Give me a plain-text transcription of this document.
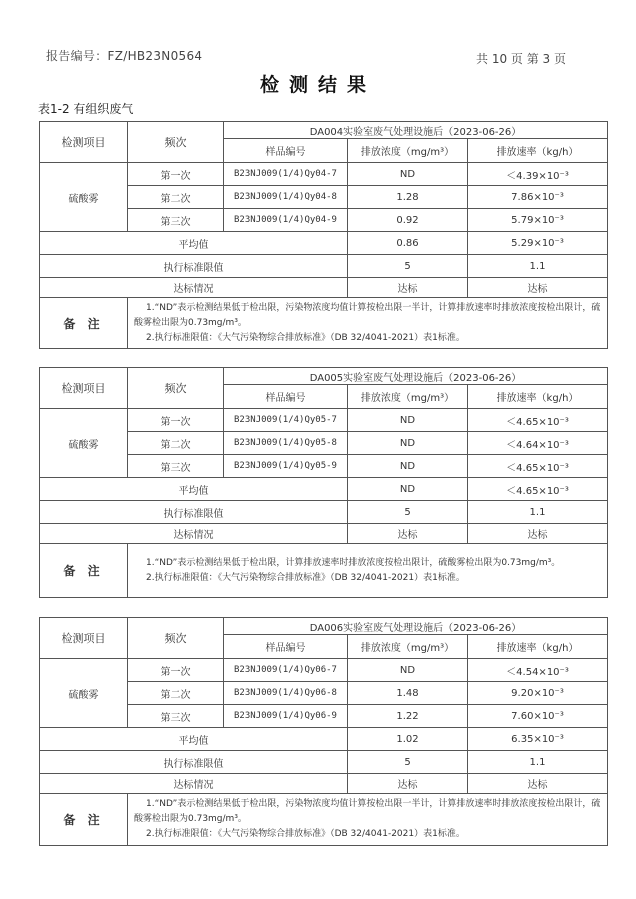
报告编号：FZ/HB23N0564	共 10 页 第 3 页
检测结果
表1-2 有组织废气
检测项目	频次	DA004实验室废气处理设施后（2023-06-26）		
		样品编号	排放浓度（mg/m³）	排放速率（kg/h）
硫酸雾	第一次	B23NJ009(1/4)Qy04-7	ND	＜4.39×10⁻³
	第二次	B23NJ009(1/4)Qy04-8	1.28	7.86×10⁻³
	第三次	B23NJ009(1/4)Qy04-9	0.92	5.79×10⁻³
平均值			0.86	5.29×10⁻³
执行标准限值			5	1.1
达标情况			达标	达标
备 注	1.“ND”表示检测结果低于检出限，污染物浓度均值计算按检出限一半计，计算排放速率时排放浓度按检出限计，硫酸雾检出限为0.73mg/m³。

2.执行标准限值：《大气污染物综合排放标准》（DB 32/4041-2021）表1标准。			

检测项目	频次	DA005实验室废气处理设施后（2023-06-26）		
		样品编号	排放浓度（mg/m³）	排放速率（kg/h）
硫酸雾	第一次	B23NJ009(1/4)Qy05-7	ND	＜4.65×10⁻³
	第二次	B23NJ009(1/4)Qy05-8	ND	＜4.64×10⁻³
	第三次	B23NJ009(1/4)Qy05-9	ND	＜4.65×10⁻³
平均值			ND	＜4.65×10⁻³
执行标准限值			5	1.1
达标情况			达标	达标
备 注	1.“ND”表示检测结果低于检出限，计算排放速率时排放浓度按检出限计，硫酸雾检出限为0.73mg/m³。

2.执行标准限值：《大气污染物综合排放标准》（DB 32/4041-2021）表1标准。			

检测项目	频次	DA006实验室废气处理设施后（2023-06-26）		
		样品编号	排放浓度（mg/m³）	排放速率（kg/h）
硫酸雾	第一次	B23NJ009(1/4)Qy06-7	ND	＜4.54×10⁻³
	第二次	B23NJ009(1/4)Qy06-8	1.48	9.20×10⁻³
	第三次	B23NJ009(1/4)Qy06-9	1.22	7.60×10⁻³
平均值			1.02	6.35×10⁻³
执行标准限值			5	1.1
达标情况			达标	达标
备 注	1.“ND”表示检测结果低于检出限，污染物浓度均值计算按检出限一半计，计算排放速率时排放浓度按检出限计，硫酸雾检出限为0.73mg/m³。

2.执行标准限值：《大气污染物综合排放标准》（DB 32/4041-2021）表1标准。			
